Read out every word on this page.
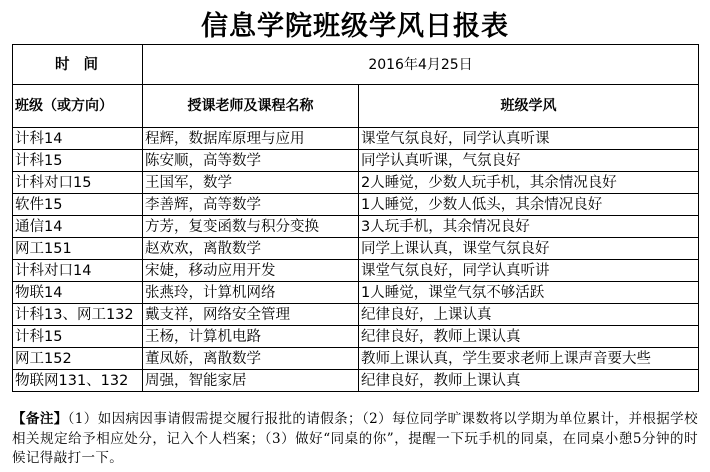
信息学院班级学风日报表
时间	2016年4月25日	
班级（或方向）	授课老师及课程名称	班级学风
计科14	程辉，数据库原理与应用	课堂气氛良好，同学认真听课
计科15	陈安顺，高等数学	同学认真听课，气氛良好
计科对口15	王国军，数学	2人睡觉，少数人玩手机，其余情况良好
软件15	李善辉，高等数学	1人睡觉，少数人低头，其余情况良好
通信14	方芳，复变函数与积分变换	3人玩手机，其余情况良好
网工151	赵欢欢，离散数学	同学上课认真，课堂气氛良好
计科对口14	宋婕，移动应用开发	课堂气氛良好，同学认真听讲
物联14	张燕玲，计算机网络	1人睡觉，课堂气氛不够活跃
计科13、网工132	戴支祥，网络安全管理	纪律良好，上课认真
计科15	王杨，计算机电路	纪律良好，教师上课认真
网工152	董凤娇，离散数学	教师上课认真，学生要求老师上课声音要大些
物联网131、132	周强，智能家居	纪律良好，教师上课认真
【备注】（1）如因病因事请假需提交履行报批的请假条；（2）每位同学旷课数将以学期为单位累计，并根据学校相关规定给予相应处分，记入个人档案；（3）做好“同桌的你”，提醒一下玩手机的同桌，在同桌小憩5分钟的时候记得敲打一下。
